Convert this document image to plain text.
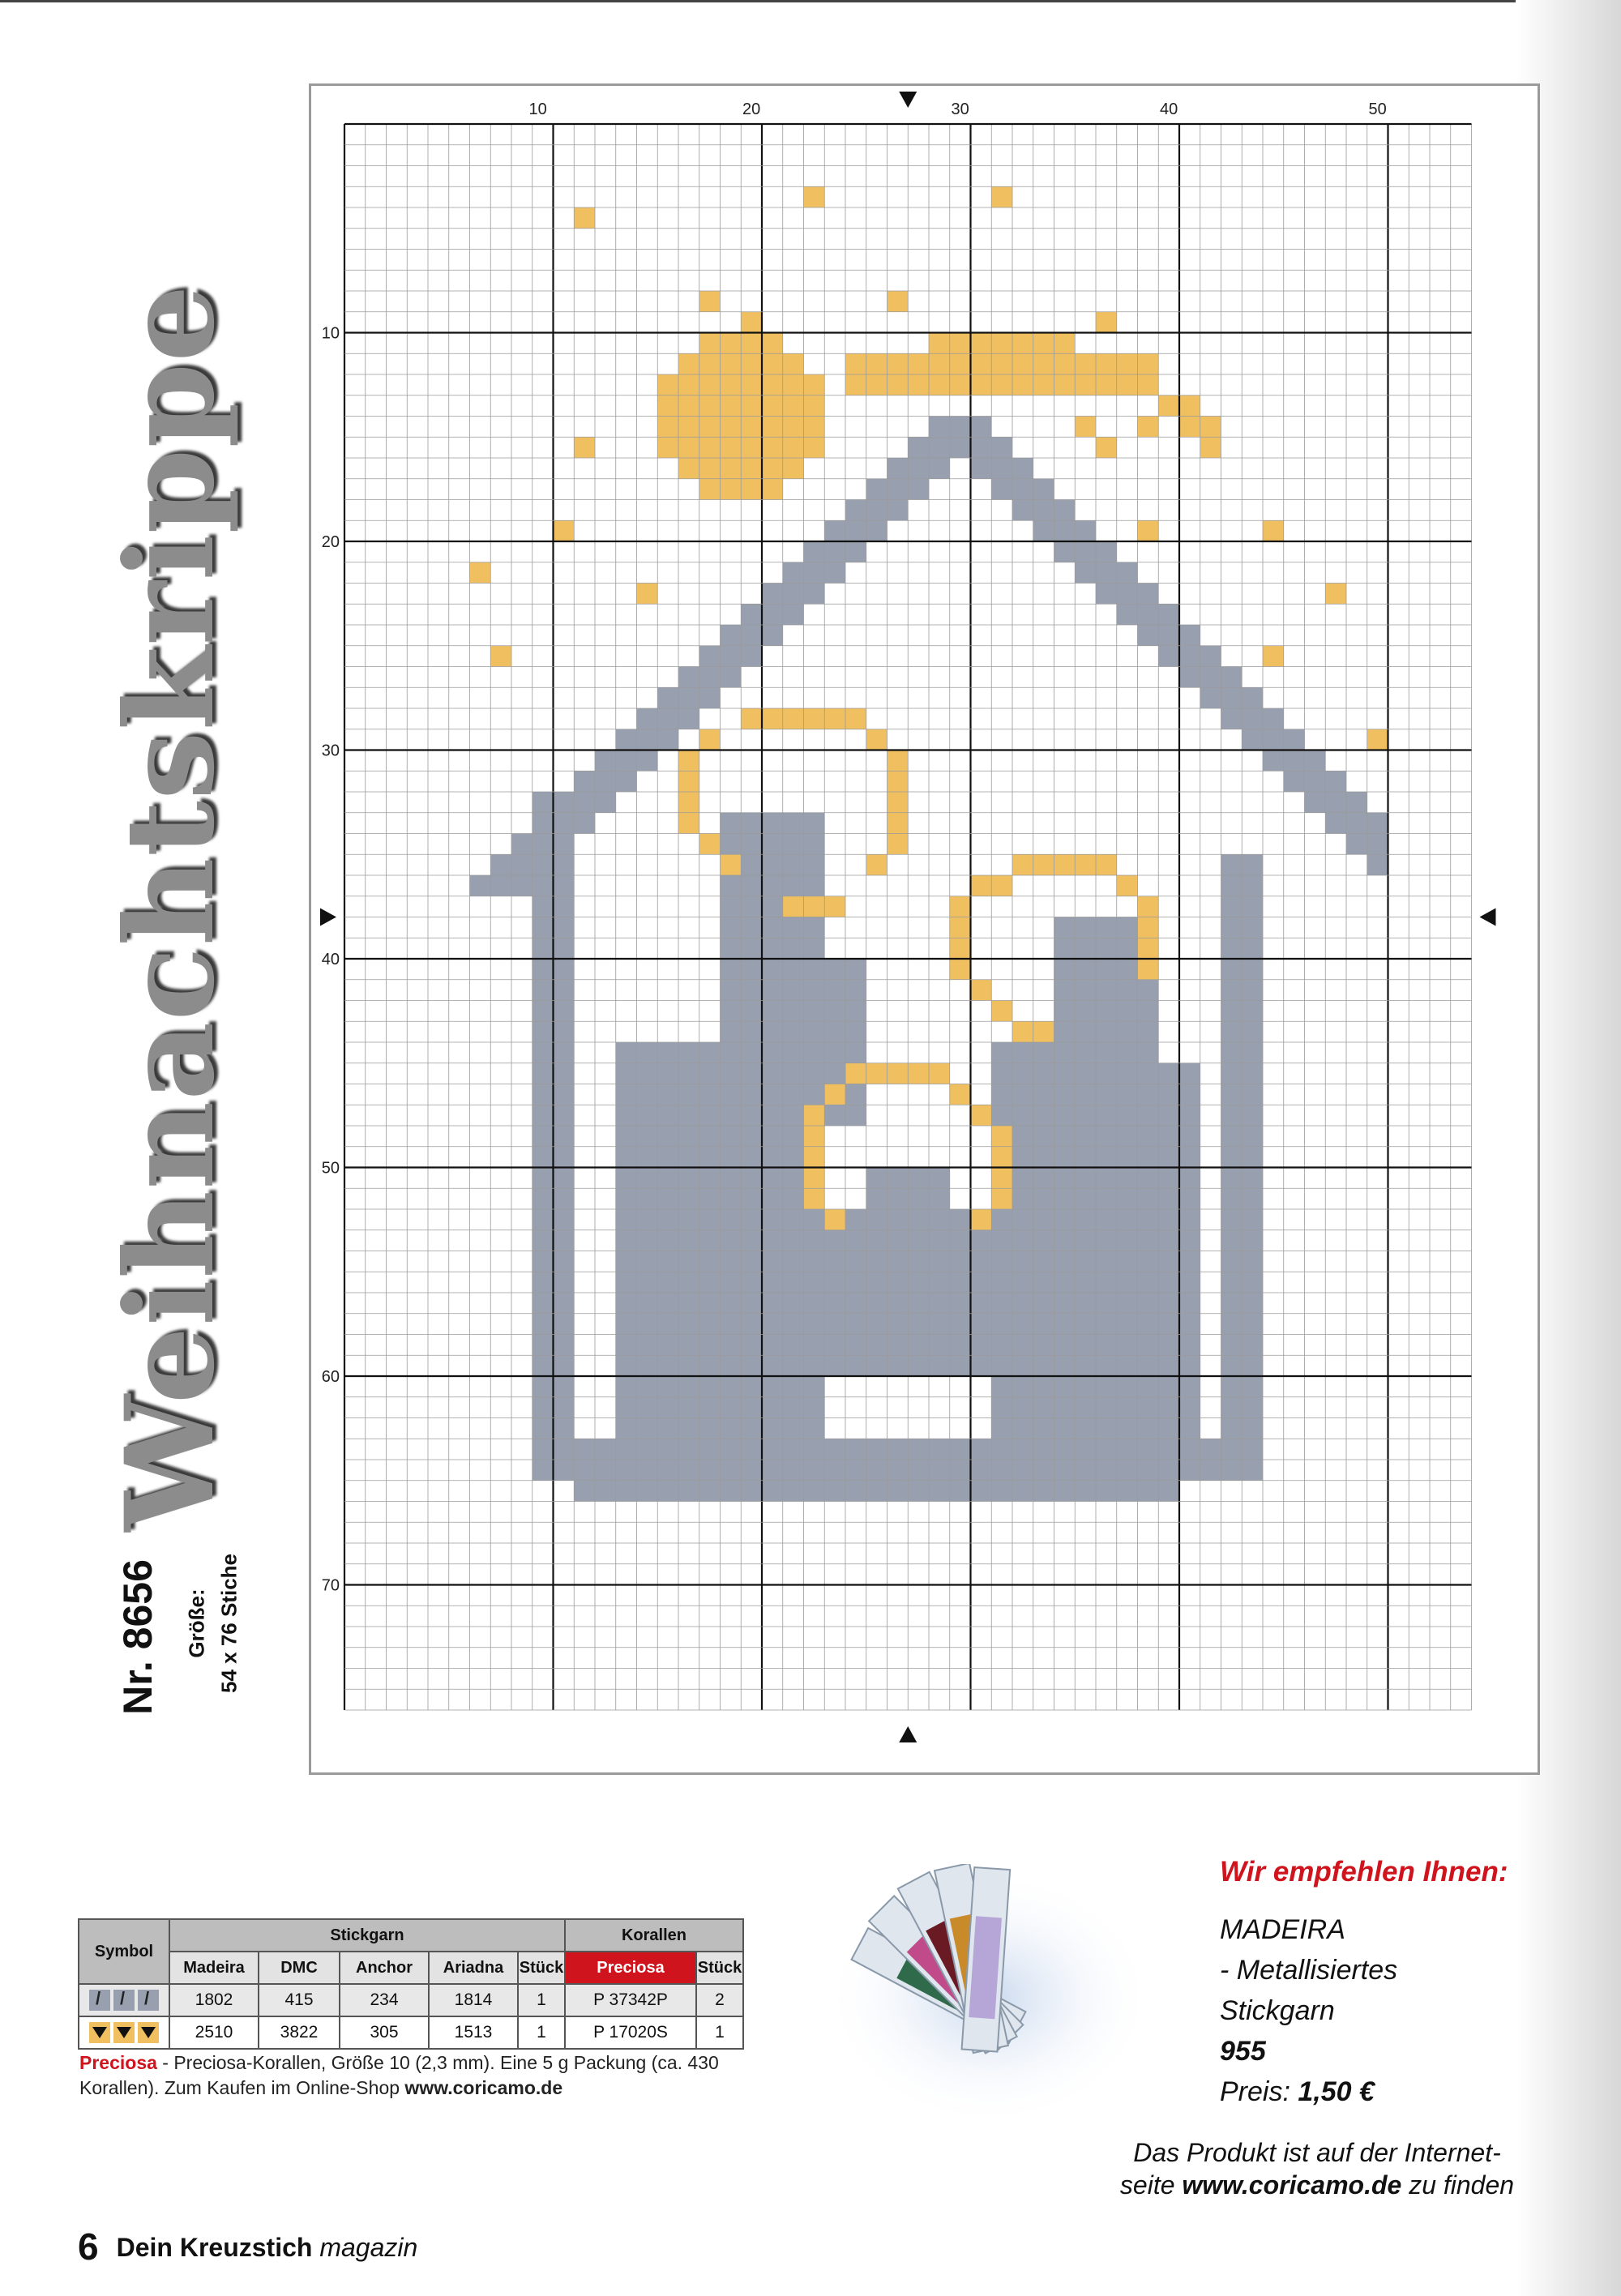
Weihnachtskrippe
Nr. 8656 Größe: 54 x 76 Stiche
10	20	30	40	50
10
20
30
40
50
60
70
Symbol	Stickgarn					Korallen	
	Madeira	DMC	Anchor	Ariadna	Stück	Preciosa	Stück

/
/
/
	1802	415	234	1814	1	P 37342P	2

	2510	3822	305	1513	1	P 17020S	1
Preciosa - Preciosa-Korallen, Größe 10 (2,3 mm). Eine 5 g Packung (ca. 430 Korallen). Zum Kaufen im Online-Shop www.coricamo.de
Wir empfehlen Ihnen:
MADEIRA
- Metallisiertes
Stickgarn
955
Preis: 1,50 €
Das Produkt ist auf der Internet-
seite www.coricamo.de zu finden
6 Dein Kreuzstich magazin
